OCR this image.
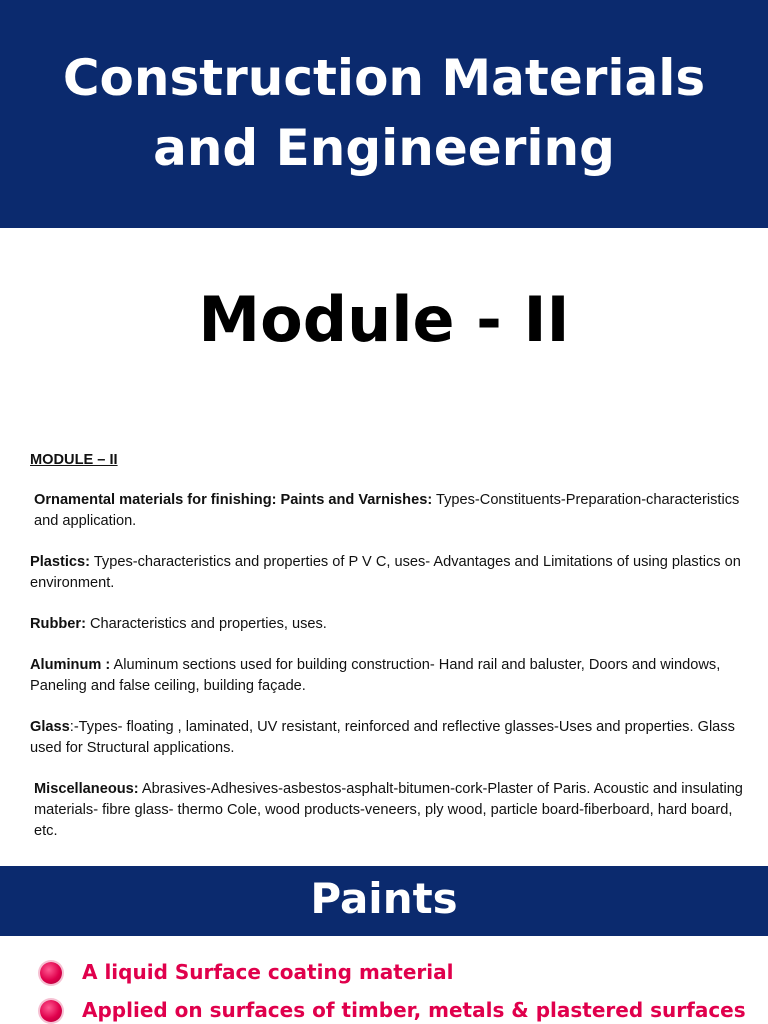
Construction Materials
and Engineering
Module - II
MODULE – II

Ornamental materials for finishing: Paints and Varnishes: Types-Constituents-Preparation-characteristics and application.

Plastics: Types-characteristics and properties of P V C, uses- Advantages and Limitations of using plastics on environment.

Rubber: Characteristics and properties, uses.

Aluminum : Aluminum sections used for building construction- Hand rail and baluster, Doors and windows, Paneling and false ceiling, building façade.

Glass:-Types- floating , laminated, UV resistant, reinforced and reflective glasses-Uses and properties. Glass used for Structural applications.

Miscellaneous: Abrasives-Adhesives-asbestos-asphalt-bitumen-cork-Plaster of Paris. Acoustic and insulating materials- fibre glass- thermo Cole, wood products-veneers, ply wood, particle board-fiberboard, hard board, etc.

Paints
A liquid Surface coating material
Applied on surfaces of timber, metals & plastered surfaces
